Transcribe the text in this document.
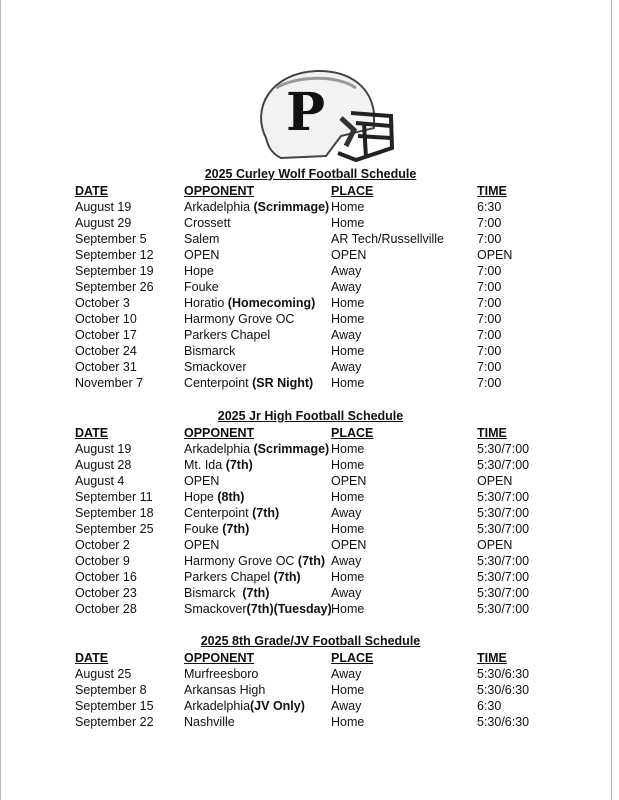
P
2025 Curley Wolf Football Schedule
DATE	OPPONENT	PLACE	TIME
August 19	Arkadelphia (Scrimmage) Home	6:30
August 29	Crossett	Home	7:00
September 5	Salem	AR Tech/Russellville	7:00
September 12 OPEN	OPEN	OPEN
September 19 Hope	Away	7:00
September 26 Fouke	Away	7:00
October 3	Horatio (Homecoming) Home	7:00
October 10	Harmony Grove OC	Home	7:00
October 17	Parkers Chapel	Away	7:00
October 24	Bismarck	Home	7:00
October 31	Smackover	Away	7:00
November 7	Centerpoint (SR Night) Home	7:00
2025 Jr High Football Schedule
DATE	OPPONENT	PLACE	TIME
August 19	Arkadelphia (Scrimmage) Home	5:30/7:00
August 28	Mt. Ida (7th)	Home	5:30/7:00
August 4	OPEN	OPEN	OPEN
September 11	Hope (8th)	Home	5:30/7:00
September 18 Centerpoint (7th)	Away	5:30/7:00
September 25 Fouke (7th)	Home	5:30/7:00
October 2	OPEN	OPEN	OPEN
October 9	Harmony Grove OC (7th) Away	5:30/7:00
October 16	Parkers Chapel (7th) Home	5:30/7:00
October 23	Bismarck  (7th)	Away	5:30/7:00
October 28	Smackover(7th)(Tuesday) Home	5:30/7:00
2025 8th Grade/JV Football Schedule
DATE	OPPONENT	PLACE	TIME
August 25	Murfreesboro	Away	5:30/6:30
September 8	Arkansas High	Home	5:30/6:30
September 15 Arkadelphia(JV Only) Away	6:30
September 22 Nashville	Home	5:30/6:30
